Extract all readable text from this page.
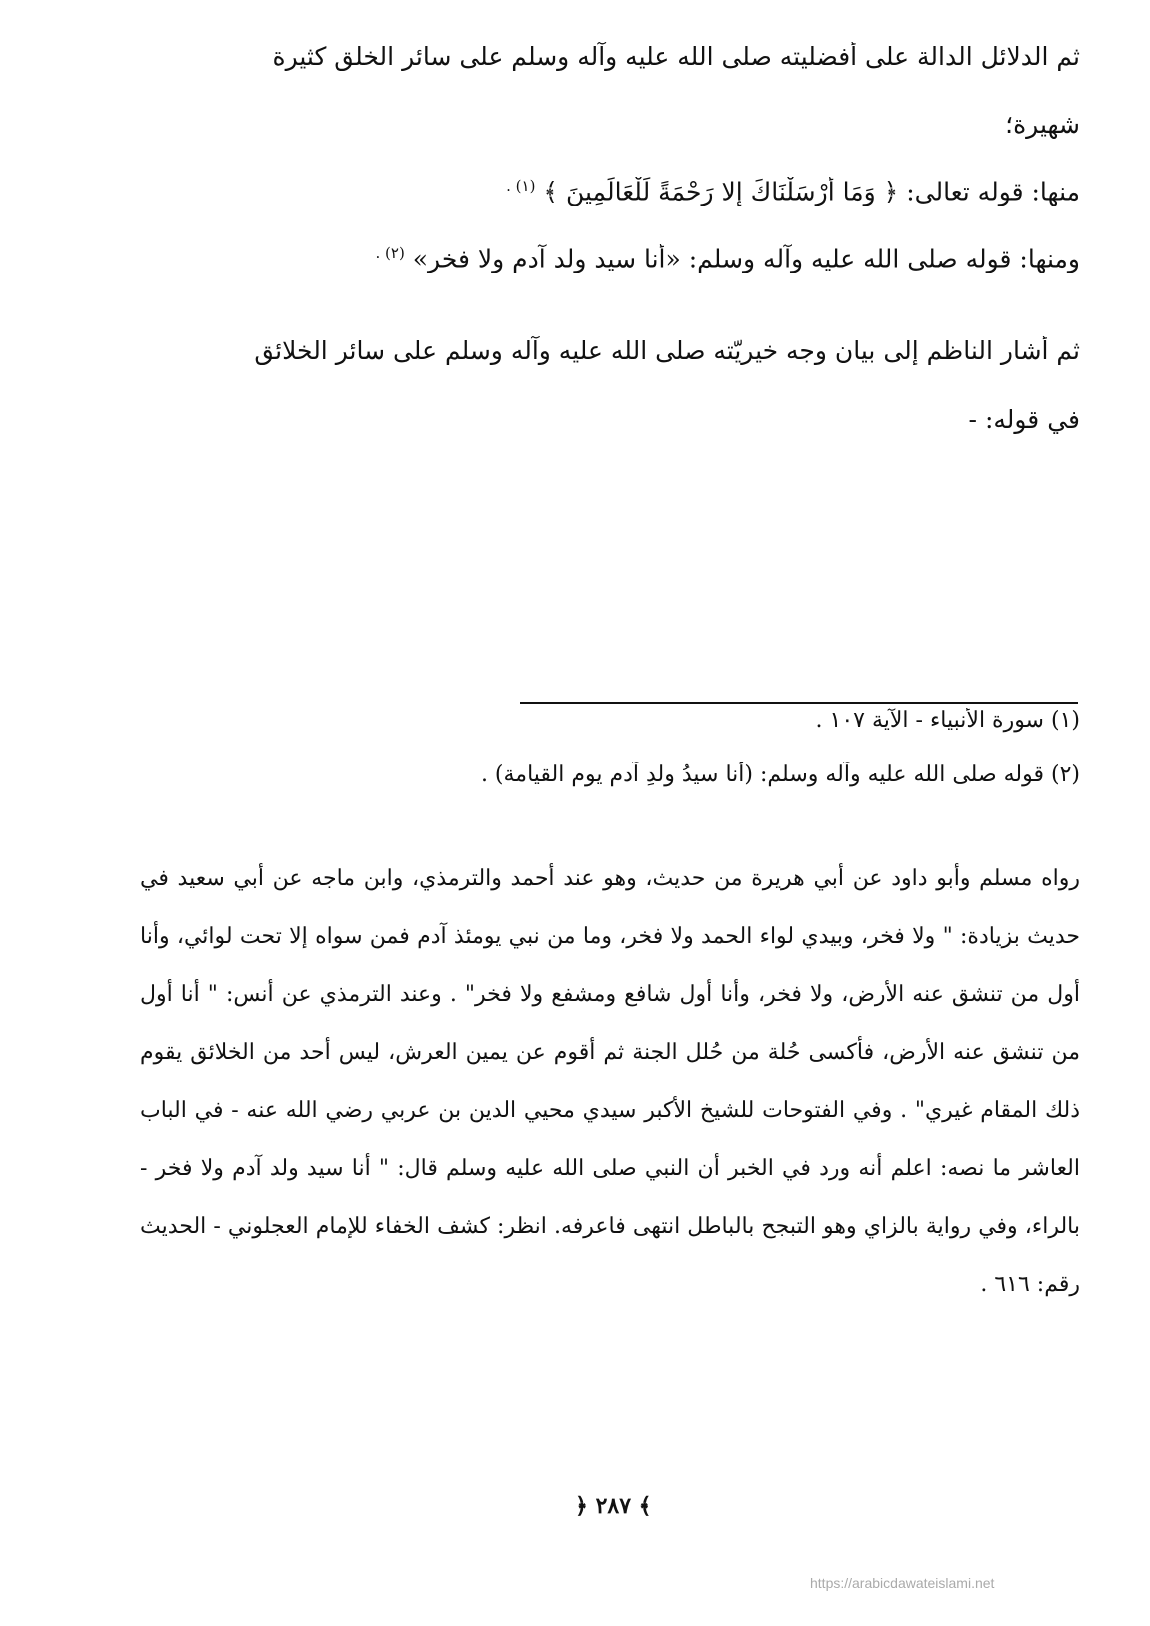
ثم الدلائل الدالة على أفضليته صلى الله عليه وآله وسلم على سائر الخلق كثيرة
شهيرة؛
منها: قوله تعالى: ﴿ وَمَا أَرْسَلْنَاكَ إِلا رَحْمَةً لِّلْعَالَمِينَ ﴾ $^{(١) .}$
ومنها: قوله صلى الله عليه وآله وسلم: «أنا سيد ولد آدم ولا فخر» $^{(٢) .}$
ثم أشار الناظم إلى بيان وجه خيريّته صلى الله عليه وآله وسلم على سائر الخلائق
في قوله: -
(١) سورة الأنبياء - الآية ١٠٧ .
(٢) قوله صلى الله عليه وآله وسلم: (أنا سيدُ ولدِ آدم يوم القيامة) .
رواه مسلم وأبو داود عن أبي هريرة من حديث، وهو عند أحمد والترمذي، وابن ماجه عن أبي سعيد في حديث بزيادة: " ولا فخر، وبيدي لواء الحمد ولا فخر، وما من نبي يومئذ آدم فمن سواه إلا تحت لوائي، وأنا أول من تنشق عنه الأرض، ولا فخر، وأنا أول شافع ومشفع ولا فخر" . وعند الترمذي عن أنس: " أنا أول من تنشق عنه الأرض، فأكسى حُلة من حُلل الجنة ثم أقوم عن يمين العرش، ليس أحد من الخلائق يقوم ذلك المقام غيري" . وفي الفتوحات للشيخ الأكبر سيدي محيي الدين بن عربي رضي الله عنه - في الباب العاشر ما نصه: اعلم أنه ورد في الخبر أن النبي صلى الله عليه وسلم قال: " أنا سيد ولد آدم ولا فخر - بالراء، وفي رواية بالزاي وهو التبجح بالباطل انتهى فاعرفه. انظر: كشف الخفاء للإمام العجلوني - الحديث رقم: ٦١٦ .
﴿ ٢٨٧ ﴾
https://arabicdawateislami.net
